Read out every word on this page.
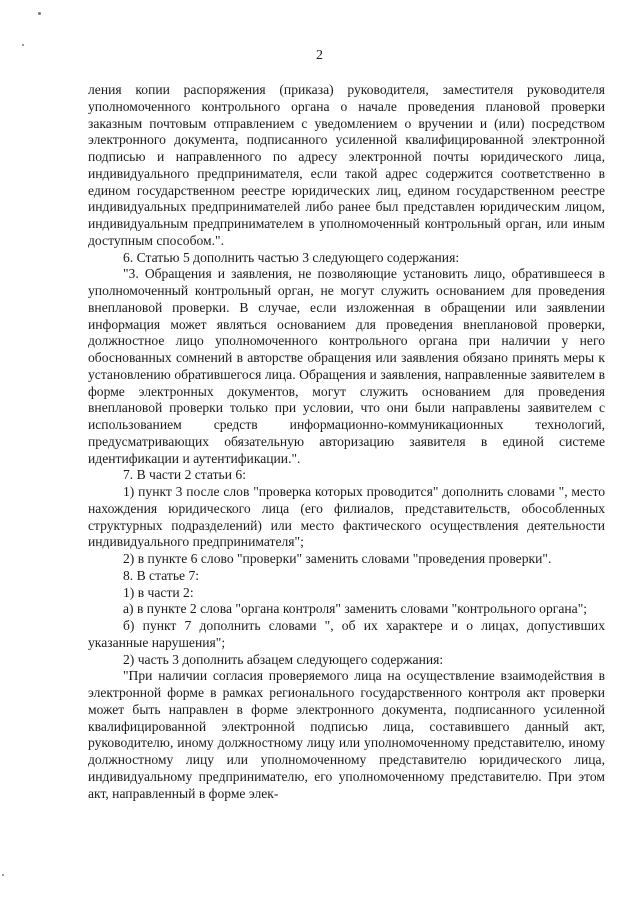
2

ления копии распоряжения (приказа) руководителя, заместителя руководителя уполномоченного контрольного органа о начале проведения плановой проверки заказным почтовым отправлением с уведомлением о вручении и (или) посредством электронного документа, подписанного усиленной квалифицированной электронной подписью и направленного по адресу электронной почты юридического лица, индивидуального предпринимателя, если такой адрес содержится соответственно в едином государственном реестре юридических лиц, едином государственном реестре индивидуальных предпринимателей либо ранее был представлен юридическим лицом, индивидуальным предпринимателем в уполномоченный контрольный орган, или иным доступным способом.".

6. Статью 5 дополнить частью 3 следующего содержания:

"3. Обращения и заявления, не позволяющие установить лицо, обратившееся в уполномоченный контрольный орган, не могут служить основанием для проведения внеплановой проверки. В случае, если изложенная в обращении или заявлении информация может являться основанием для проведения внеплановой проверки, должностное лицо уполномоченного контрольного органа при наличии у него обоснованных сомнений в авторстве обращения или заявления обязано принять меры к установлению обратившегося лица. Обращения и заявления, направленные заявителем в форме электронных документов, могут служить основанием для проведения внеплановой проверки только при условии, что они были направлены заявителем с использованием средств информационно-коммуникационных технологий, предусматривающих обязательную авторизацию заявителя в единой системе идентификации и аутентификации.".

7. В части 2 статьи 6:

1) пункт 3 после слов "проверка которых проводится" дополнить словами ", место нахождения юридического лица (его филиалов, представительств, обособленных структурных подразделений) или место фактического осуществления деятельности индивидуального предпринимателя";

2) в пункте 6 слово "проверки" заменить словами "проведения проверки".

8. В статье 7:

1) в части 2:

а) в пункте 2 слова "органа контроля" заменить словами "контрольного органа";

б) пункт 7 дополнить словами ", об их характере и о лицах, допустивших указанные нарушения";

2) часть 3 дополнить абзацем следующего содержания:

"При наличии согласия проверяемого лица на осуществление взаимодействия в электронной форме в рамках регионального государственного контроля акт проверки может быть направлен в форме электронного документа, подписанного усиленной квалифицированной электронной подписью лица, составившего данный акт, руководителю, иному должностному лицу или уполномоченному представителю, иному должностному лицу или уполномоченному представителю юридического лица, индивидуальному предпринимателю, его уполномоченному представителю. При этом акт, направленный в форме элек-
